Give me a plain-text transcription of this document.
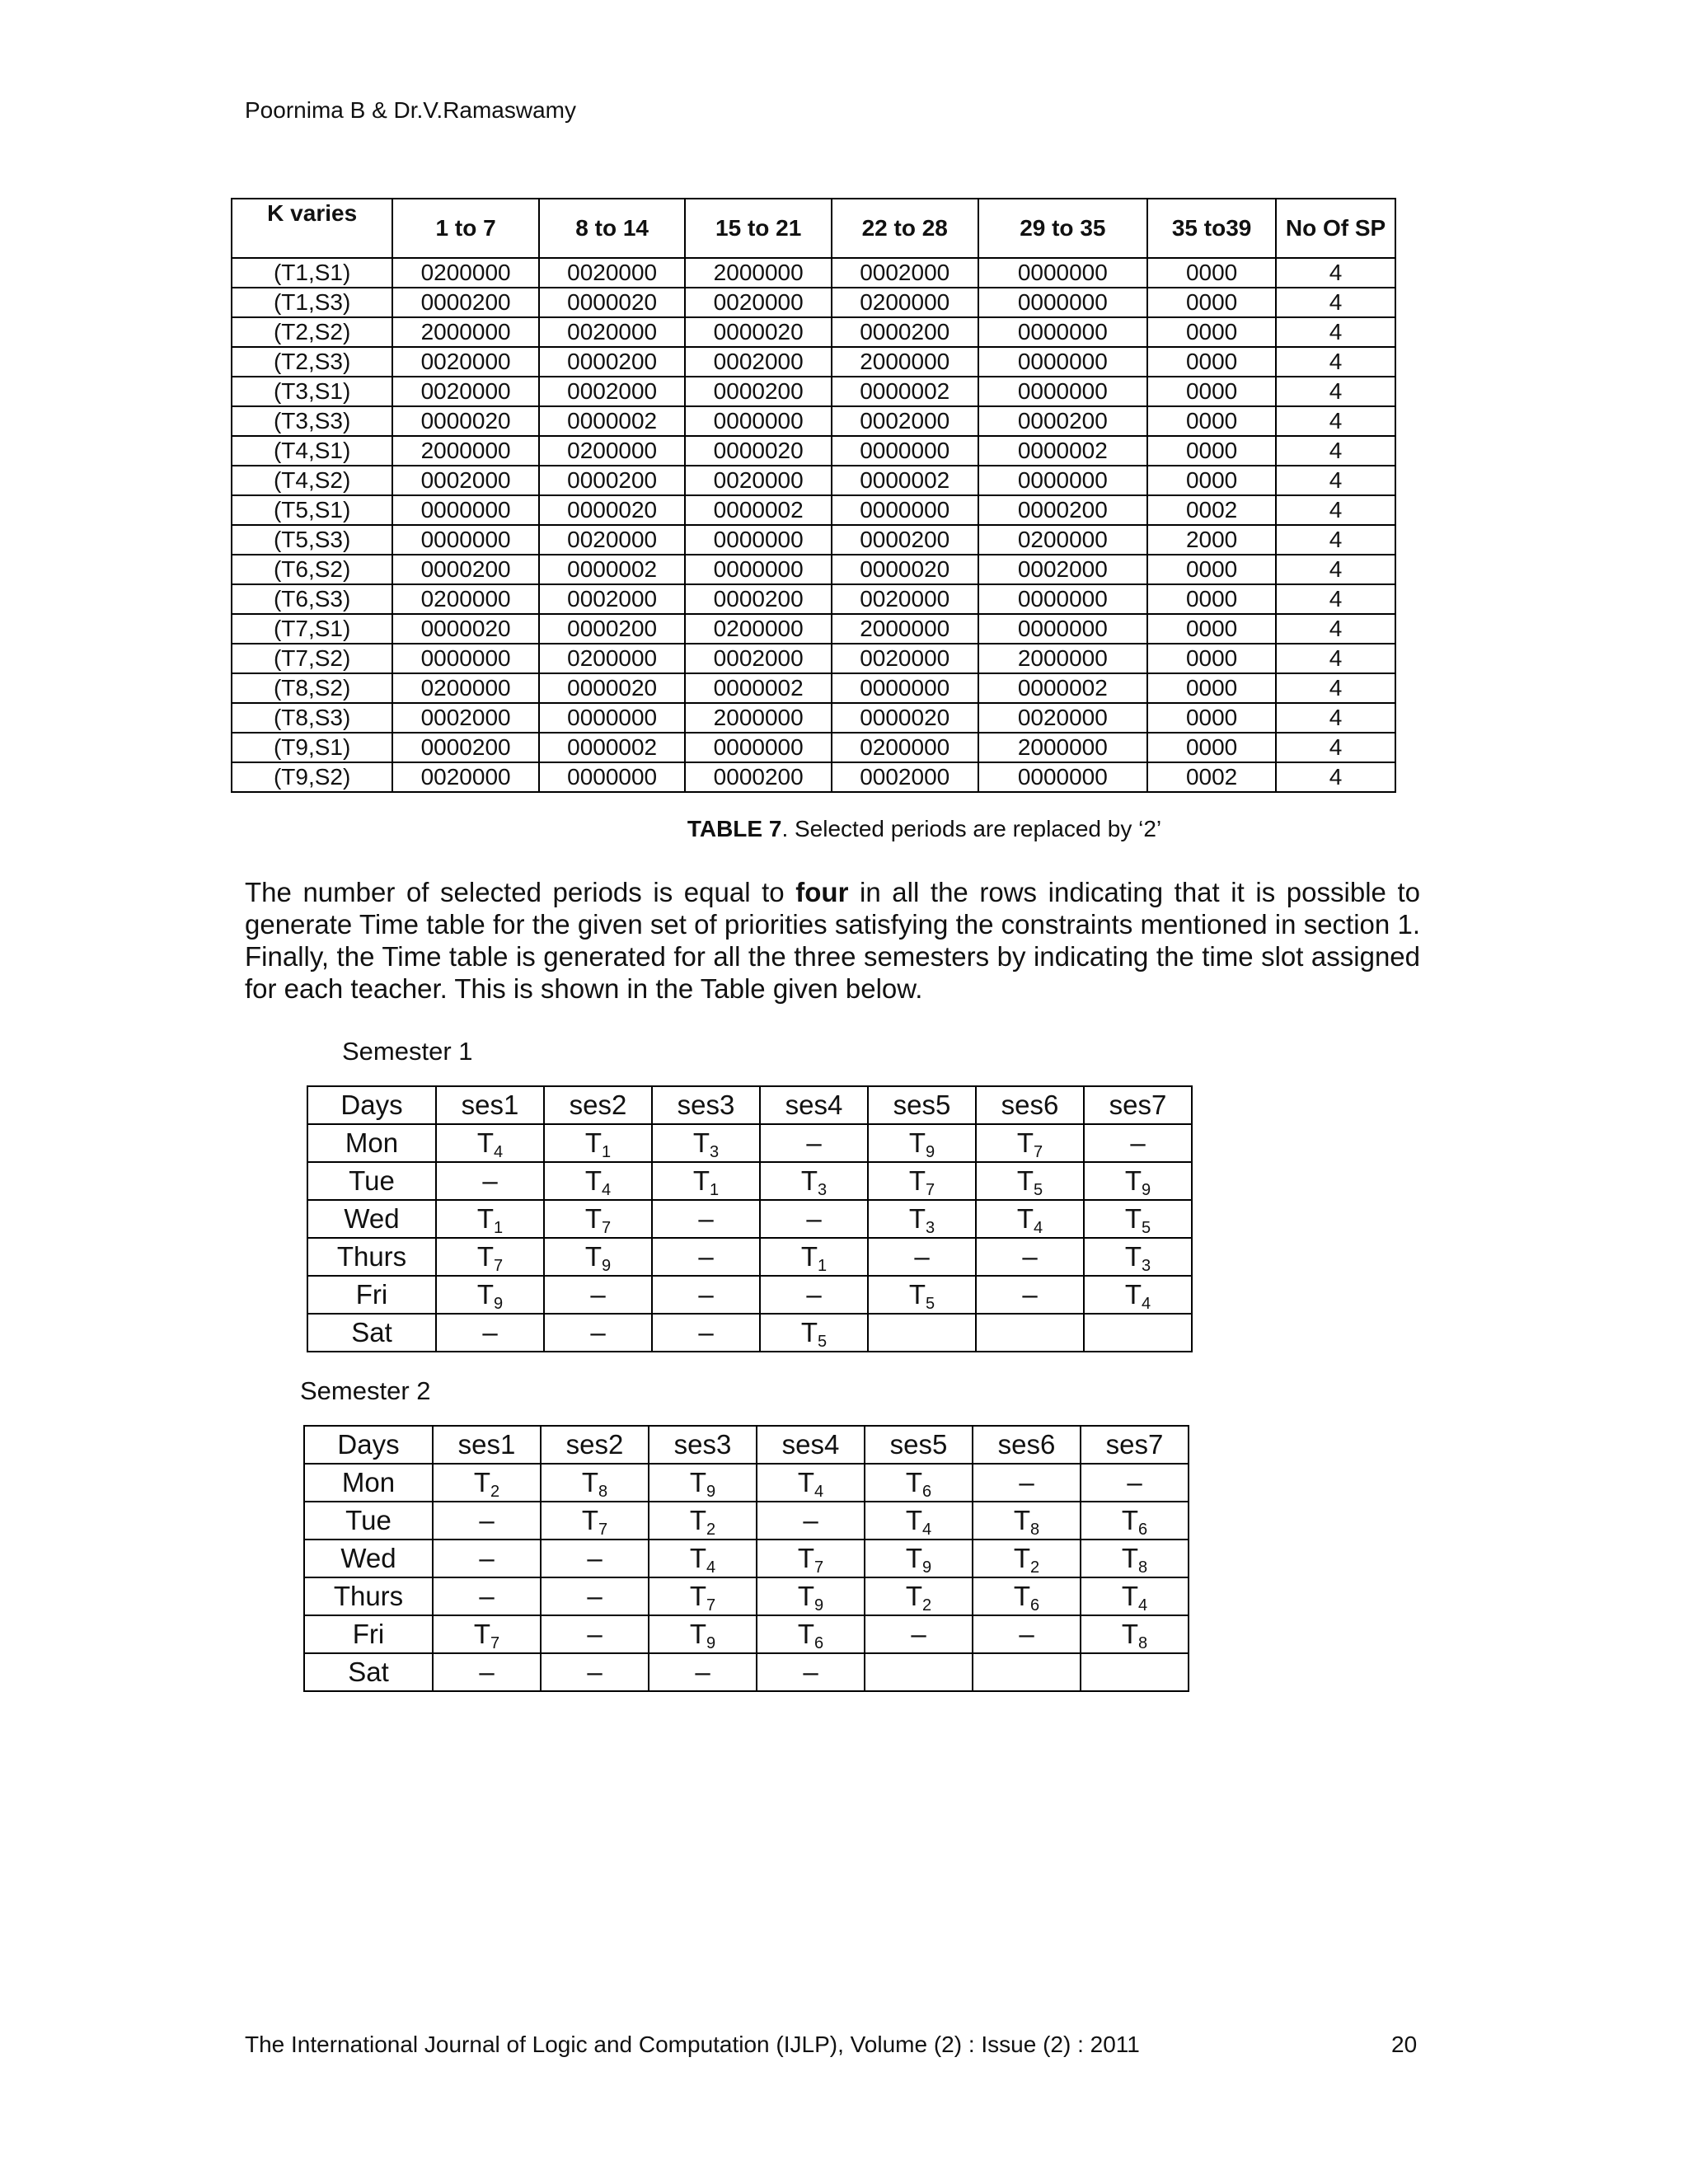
Poornima B & Dr.V.Ramaswamy
K varies	1 to 7	8 to 14	15 to 21	22 to 28	29 to 35	35 to39	No Of SP
(T1,S1)	0200000	0020000	2000000	0002000	0000000	0000	4
(T1,S3)	0000200	0000020	0020000	0200000	0000000	0000	4
(T2,S2)	2000000	0020000	0000020	0000200	0000000	0000	4
(T2,S3)	0020000	0000200	0002000	2000000	0000000	0000	4
(T3,S1)	0020000	0002000	0000200	0000002	0000000	0000	4
(T3,S3)	0000020	0000002	0000000	0002000	0000200	0000	4
(T4,S1)	2000000	0200000	0000020	0000000	0000002	0000	4
(T4,S2)	0002000	0000200	0020000	0000002	0000000	0000	4
(T5,S1)	0000000	0000020	0000002	0000000	0000200	0002	4
(T5,S3)	0000000	0020000	0000000	0000200	0200000	2000	4
(T6,S2)	0000200	0000002	0000000	0000020	0002000	0000	4
(T6,S3)	0200000	0002000	0000200	0020000	0000000	0000	4
(T7,S1)	0000020	0000200	0200000	2000000	0000000	0000	4
(T7,S2)	0000000	0200000	0002000	0020000	2000000	0000	4
(T8,S2)	0200000	0000020	0000002	0000000	0000002	0000	4
(T8,S3)	0002000	0000000	2000000	0000020	0020000	0000	4
(T9,S1)	0000200	0000002	0000000	0200000	2000000	0000	4
(T9,S2)	0020000	0000000	0000200	0002000	0000000	0002	4
TABLE 7. Selected periods are replaced by ‘2’
The number of selected periods is equal to four in all the rows indicating that it is possible to generate Time table for the given set of priorities satisfying the constraints mentioned in section 1. Finally, the Time table is generated for all the three semesters by indicating the time slot assigned for each teacher. This is shown in the Table given below.
Semester 1
Days	ses1	ses2	ses3	ses4	ses5	ses6	ses7
Mon	$T_4$	$T_1$	$T_3$	–	$T_9$	$T_7$	–
Tue	–	$T_4$	$T_1$	$T_3$	$T_7$	$T_5$	$T_9$
Wed	$T_1$	$T_7$	–	–	$T_3$	$T_4$	$T_5$
Thurs	$T_7$	$T_9$	–	$T_1$	–	–	$T_3$
Fri	$T_9$	–	–	–	$T_5$	–	$T_4$
Sat	–	–	–	$T_5$			
Semester 2
Days	ses1	ses2	ses3	ses4	ses5	ses6	ses7
Mon	$T_2$	$T_8$	$T_9$	$T_4$	$T_6$	–	–
Tue	–	$T_7$	$T_2$	–	$T_4$	$T_8$	$T_6$
Wed	–	–	$T_4$	$T_7$	$T_9$	$T_2$	$T_8$
Thurs	–	–	$T_7$	$T_9$	$T_2$	$T_6$	$T_4$
Fri	$T_7$	–	$T_9$	$T_6$	–	–	$T_8$
Sat	–	–	–	–			
The International Journal of Logic and Computation (IJLP), Volume (2) : Issue (2) : 2011	20
